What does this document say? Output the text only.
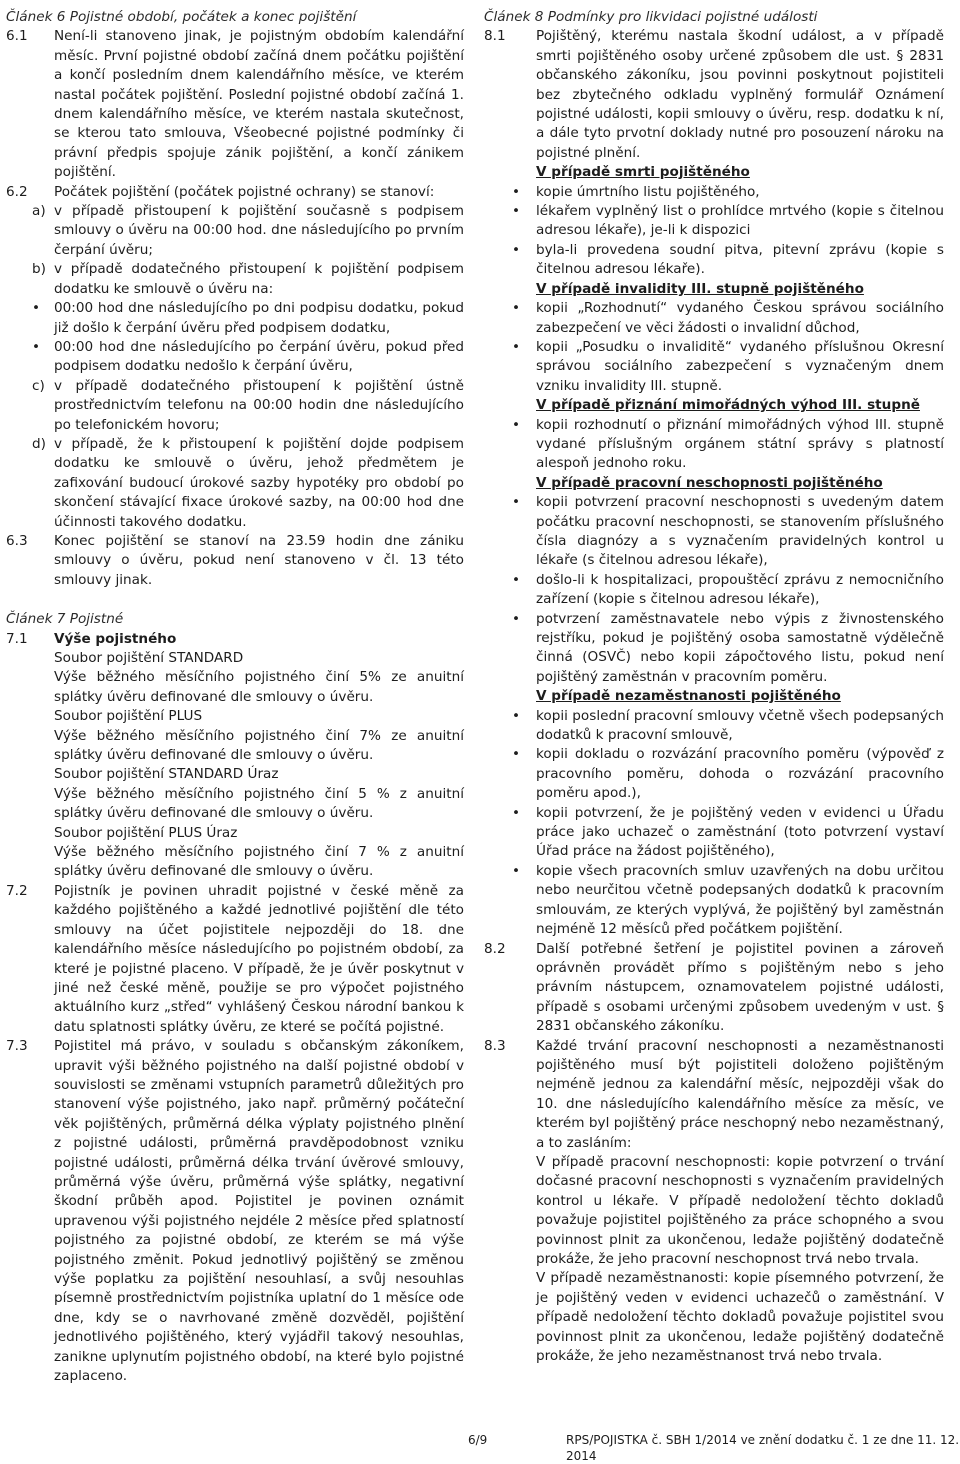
Článek 6 Pojistné období, počátek a konec pojištění

6.1	Není-li stanoveno jinak, je pojistným obdobím kalendářní měsíc. První pojistné období začíná dnem počátku pojištění a končí posledním dnem kalendářního měsíce, ve kterém nastal počátek pojištění. Poslední pojistné období začíná 1. dnem kalendářního měsíce, ve kterém nastala skutečnost, se kterou tato smlouva, Všeobecné pojistné podmínky či právní předpis spojuje zánik pojištění, a končí zánikem pojištění.

6.2	Počátek pojištění (počátek pojistné ochrany) se stanoví:

a) v případě přistoupení k pojištění současně s podpisem smlouvy o úvěru na 00:00 hod. dne následujícího po prvním čerpání úvěru;

b) v případě dodatečného přistoupení k pojištění podpisem dodatku ke smlouvě o úvěru na:

•	00:00 hod dne následujícího po dni podpisu dodatku, pokud již došlo k čerpání úvěru před podpisem dodatku,

•	00:00 hod dne následujícího po čerpání úvěru, pokud před podpisem dodatku nedošlo k čerpání úvěru,

c) v případě dodatečného přistoupení k pojištění ústně prostřednictvím telefonu na 00:00 hodin dne následujícího po telefonickém hovoru;

d) v případě, že k přistoupení k pojištění dojde podpisem dodatku ke smlouvě o úvěru, jehož předmětem je zafixování budoucí úrokové sazby hypotéky pro období po skončení stávající fixace úrokové sazby, na 00:00 hod dne účinnosti takového dodatku.

6.3	Konec pojištění se stanoví na 23.59 hodin dne zániku smlouvy o úvěru, pokud není stanoveno v čl. 13 této smlouvy jinak.

Článek 7 Pojistné

7.1	Výše pojistného

Soubor pojištění STANDARD

Výše běžného měsíčního pojistného činí 5% ze anuitní splátky úvěru definované dle smlouvy o úvěru.

Soubor pojištění PLUS

Výše běžného měsíčního pojistného činí 7% ze anuitní splátky úvěru definované dle smlouvy o úvěru.

Soubor pojištění STANDARD Úraz

Výše běžného měsíčního pojistného činí 5 % z anuitní splátky úvěru definované dle smlouvy o úvěru.

Soubor pojištění PLUS Úraz

Výše běžného měsíčního pojistného činí 7 % z anuitní splátky úvěru definované dle smlouvy o úvěru.

7.2	Pojistník je povinen uhradit pojistné v české měně za každého pojištěného a každé jednotlivé pojištění dle této smlouvy na účet pojistitele nejpozději do 18. dne kalendářního měsíce následujícího po pojistném období, za které je pojistné placeno. V případě, že je úvěr poskytnut v jiné než české měně, použije se pro výpočet pojistného aktuálního kurz „střed“ vyhlášený Českou národní bankou k datu splatnosti splátky úvěru, ze které se počítá pojistné.

7.3	Pojistitel má právo, v souladu s občanským zákoníkem, upravit výši běžného pojistného na další pojistné období v souvislosti se změnami vstupních parametrů důležitých pro stanovení výše pojistného, jako např. průměrný počáteční věk pojištěných, průměrná délka výplaty pojistného plnění z pojistné události, průměrná pravděpodobnost vzniku pojistné události, průměrná délka trvání úvěrové smlouvy, průměrná výše úvěru, průměrná výše splátky, negativní škodní průběh apod. Pojistitel je povinen oznámit upravenou výši pojistného nejdéle 2 měsíce před splatností pojistného za pojistné období, ze kterém se má výše pojistného změnit. Pokud jednotlivý pojištěný se změnou výše poplatku za pojištění nesouhlasí, a svůj nesouhlas písemně prostřednictvím pojistníka uplatní do 1 měsíce ode dne, kdy se o navrhované změně dozvěděl, pojištění jednotlivého pojištěného, který vyjádřil takový nesouhlas, zanikne uplynutím pojistného období, na které bylo pojistné zaplaceno.

Článek 8 Podmínky pro likvidaci pojistné události

8.1	Pojištěný, kterému nastala škodní událost, a v případě smrti pojištěného osoby určené způsobem dle ust. § 2831 občanského zákoníku, jsou povinni poskytnout pojistiteli bez zbytečného odkladu vyplněný formulář Oznámení pojistné události, kopii smlouvy o úvěru, resp. dodatku k ní, a dále tyto prvotní doklady nutné pro posouzení nároku na pojistné plnění.

V případě smrti pojištěného

•	kopie úmrtního listu pojištěného,

•	lékařem vyplněný list o prohlídce mrtvého (kopie s čitelnou adresou lékaře), je-li k dispozici

•	byla-li provedena soudní pitva, pitevní zprávu (kopie s čitelnou adresou lékaře).

V případě invalidity III. stupně pojištěného

•	kopii „Rozhodnutí“ vydaného Českou správou sociálního zabezpečení ve věci žádosti o invalidní důchod,

•	kopii „Posudku o invaliditě“ vydaného příslušnou Okresní správou sociálního zabezpečení s vyznačeným dnem vzniku invalidity III. stupně.

V případě přiznání mimořádných výhod III. stupně

•	kopii rozhodnutí o přiznání mimořádných výhod III. stupně vydané příslušným orgánem státní správy s platností alespoň jednoho roku.

V případě pracovní neschopnosti pojištěného

•	kopii potvrzení pracovní neschopnosti s uvedeným datem počátku pracovní neschopnosti, se stanovením příslušného čísla diagnózy a s vyznačením pravidelných kontrol u lékaře (s čitelnou adresou lékaře),

•	došlo-li k hospitalizaci, propouštěcí zprávu z nemocničního zařízení (kopie s čitelnou adresou lékaře),

•	potvrzení zaměstnavatele nebo výpis z živnostenského rejstříku, pokud je pojištěný osoba samostatně výdělečně činná (OSVČ) nebo kopii zápočtového listu, pokud není pojištěný zaměstnán v pracovním poměru.

V případě nezaměstnanosti pojištěného

•	kopii poslední pracovní smlouvy včetně všech podepsaných dodatků k pracovní smlouvě,

•	kopii dokladu o rozvázání pracovního poměru (výpověď z pracovního poměru, dohoda o rozvázání pracovního poměru apod.),

•	kopii potvrzení, že je pojištěný veden v evidenci u Úřadu práce jako uchazeč o zaměstnání (toto potvrzení vystaví Úřad práce na žádost pojištěného),

•	kopie všech pracovních smluv uzavřených na dobu určitou nebo neurčitou včetně podepsaných dodatků k pracovním smlouvám, ze kterých vyplývá, že pojištěný byl zaměstnán nejméně 12 měsíců před počátkem pojištění.

8.2	Další potřebné šetření je pojistitel povinen a zároveň oprávněn provádět přímo s pojištěným nebo s jeho právním nástupcem, oznamovatelem pojistné události, případě s osobami určenými způsobem uvedeným v ust. § 2831 občanského zákoníku.

8.3	Každé trvání pracovní neschopnosti a nezaměstnanosti pojištěného musí být pojistiteli doloženo pojištěným nejméně jednou za kalendářní měsíc, nejpozději však do 10. dne následujícího kalendářního měsíce za měsíc, ve kterém byl pojištěný práce neschopný nebo nezaměstnaný, a to zasláním:

V případě pracovní neschopnosti: kopie potvrzení o trvání dočasné pracovní neschopnosti s vyznačením pravidelných kontrol u lékaře. V případě nedoložení těchto dokladů považuje pojistitel pojištěného za práce schopného a svou povinnost plnit za ukončenou, ledaže pojištěný dodatečně prokáže, že jeho pracovní neschopnost trvá nebo trvala.

V případě nezaměstnanosti: kopie písemného potvrzení, že je pojištěný veden v evidenci uchazečů o zaměstnání. V případě nedoložení těchto dokladů považuje pojistitel svou povinnost plnit za ukončenou, ledaže pojištěný dodatečně prokáže, že jeho nezaměstnanost trvá nebo trvala.

6/9	RPS/POJISTKA č. SBH 1/2014 ve znění dodatku č. 1 ze dne 11. 12. 2014
